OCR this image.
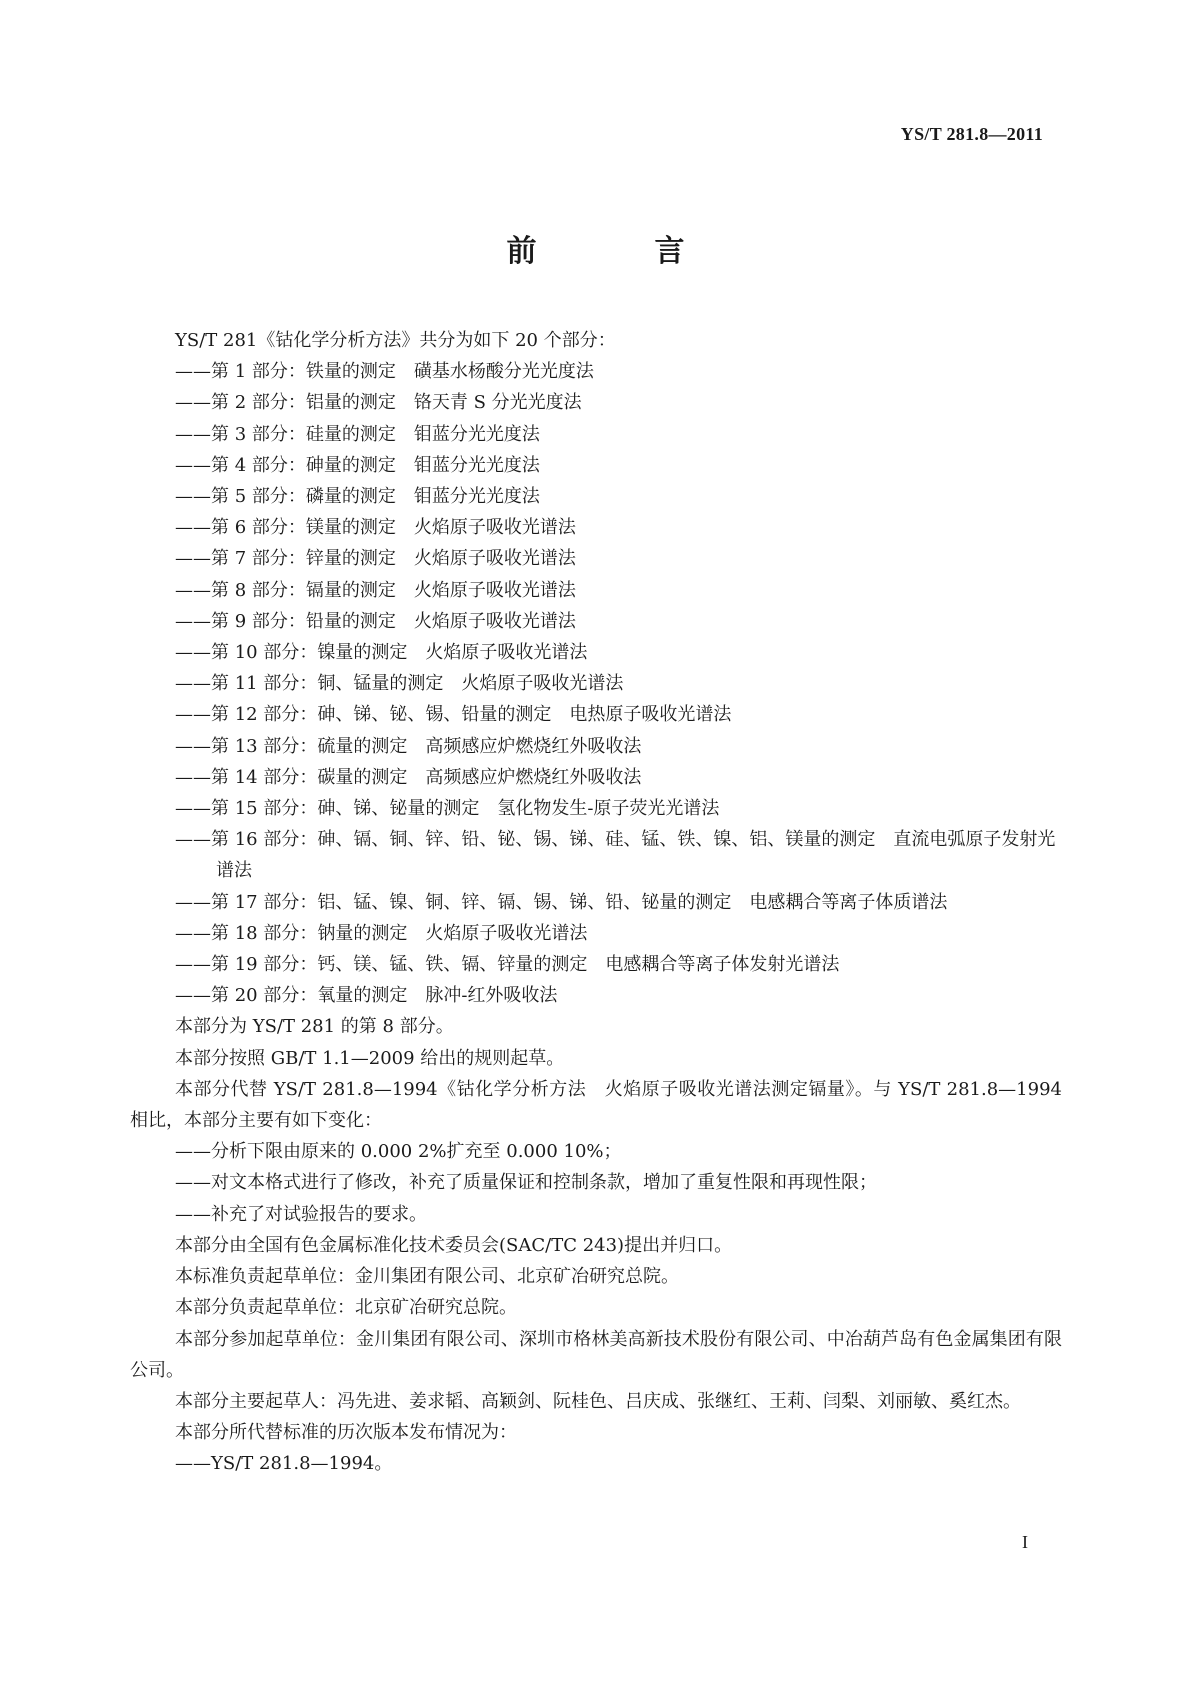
YS/T 281.8—2011
前　言
YS/T 281《钴化学分析方法》共分为如下 20 个部分：
——第 1 部分：铁量的测定　磺基水杨酸分光光度法
——第 2 部分：铝量的测定　铬天青 S 分光光度法
——第 3 部分：硅量的测定　钼蓝分光光度法
——第 4 部分：砷量的测定　钼蓝分光光度法
——第 5 部分：磷量的测定　钼蓝分光光度法
——第 6 部分：镁量的测定　火焰原子吸收光谱法
——第 7 部分：锌量的测定　火焰原子吸收光谱法
——第 8 部分：镉量的测定　火焰原子吸收光谱法
——第 9 部分：铅量的测定　火焰原子吸收光谱法
——第 10 部分：镍量的测定　火焰原子吸收光谱法
——第 11 部分：铜、锰量的测定　火焰原子吸收光谱法
——第 12 部分：砷、锑、铋、锡、铅量的测定　电热原子吸收光谱法
——第 13 部分：硫量的测定　高频感应炉燃烧红外吸收法
——第 14 部分：碳量的测定　高频感应炉燃烧红外吸收法
——第 15 部分：砷、锑、铋量的测定　氢化物发生-原子荧光光谱法
——第 16 部分：砷、镉、铜、锌、铅、铋、锡、锑、硅、锰、铁、镍、铝、镁量的测定　直流电弧原子发射光谱法
——第 17 部分：铝、锰、镍、铜、锌、镉、锡、锑、铅、铋量的测定　电感耦合等离子体质谱法
——第 18 部分：钠量的测定　火焰原子吸收光谱法
——第 19 部分：钙、镁、锰、铁、镉、锌量的测定　电感耦合等离子体发射光谱法
——第 20 部分：氧量的测定　脉冲-红外吸收法
本部分为 YS/T 281 的第 8 部分。
本部分按照 GB/T 1.1—2009 给出的规则起草。
本部分代替 YS/T 281.8—1994《钴化学分析方法　火焰原子吸收光谱法测定镉量》。与 YS/T 281.8—1994 相比，本部分主要有如下变化：
——分析下限由原来的 0.000 2%扩充至 0.000 10%；
——对文本格式进行了修改，补充了质量保证和控制条款，增加了重复性限和再现性限；
——补充了对试验报告的要求。
本部分由全国有色金属标准化技术委员会(SAC/TC 243)提出并归口。
本标准负责起草单位：金川集团有限公司、北京矿冶研究总院。
本部分负责起草单位：北京矿冶研究总院。
本部分参加起草单位：金川集团有限公司、深圳市格林美高新技术股份有限公司、中冶葫芦岛有色金属集团有限公司。
本部分主要起草人：冯先进、姜求韬、高颖剑、阮桂色、吕庆成、张继红、王莉、闫梨、刘丽敏、奚红杰。
本部分所代替标准的历次版本发布情况为：
——YS/T 281.8—1994。
I
